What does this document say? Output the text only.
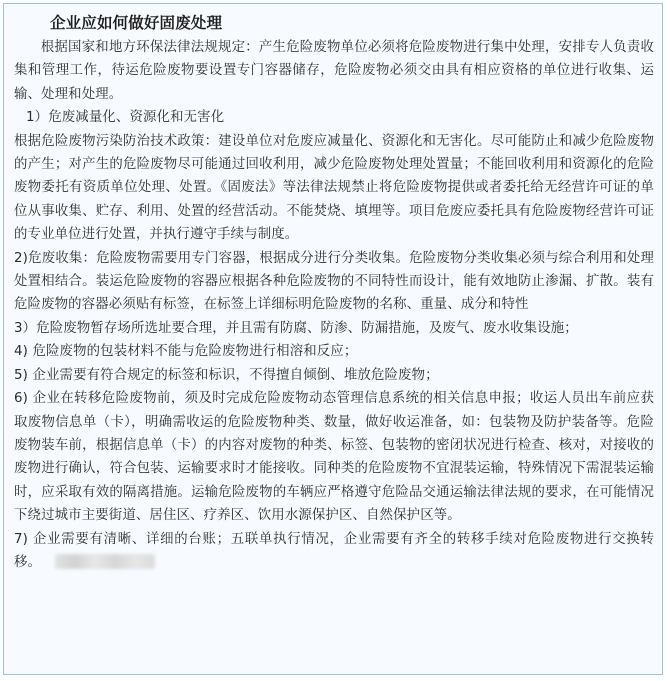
企业应如何做好固废处理

根据国家和地方环保法律法规规定：产生危险废物单位必须将危险废物进行集中处理，安排专人负责收集和管理工作，待运危险废物要设置专门容器储存，危险废物必须交由具有相应资格的单位进行收集、运输、处理和处理。

1）危废减量化、资源化和无害化

根据危险废物污染防治技术政策：建设单位对危废应减量化、资源化和无害化。尽可能防止和减少危险废物的产生；对产生的危险废物尽可能通过回收利用，减少危险废物处理处置量；不能回收利用和资源化的危险废物委托有资质单位处理、处置。《固废法》等法律法规禁止将危险废物提供或者委托给无经营许可证的单位从事收集、贮存、利用、处置的经营活动。不能焚烧、填埋等。项目危废应委托具有危险废物经营许可证的专业单位进行处置，并执行遵守手续与制度。

2)危废收集：危险废物需要用专门容器，根据成分进行分类收集。危险废物分类收集必须与综合利用和处理处置相结合。装运危险废物的容器应根据各种危险废物的不同特性而设计，能有效地防止渗漏、扩散。装有危险废物的容器必须贴有标签，在标签上详细标明危险废物的名称、重量、成分和特性

3）危险废物暂存场所选址要合理，并且需有防腐、防渗、防漏措施，及废气、废水收集设施；

4) 危险废物的包装材料不能与危险废物进行相溶和反应；

5) 企业需要有符合规定的标签和标识，不得擅自倾倒、堆放危险废物；

6) 企业在转移危险废物前，须及时完成危险废物动态管理信息系统的相关信息申报；收运人员出车前应获取废物信息单（卡），明确需收运的危险废物种类、数量，做好收运准备，如：包装物及防护装备等。危险废物装车前，根据信息单（卡）的内容对废物的种类、标签、包装物的密闭状况进行检查、核对，对接收的废物进行确认，符合包装、运输要求时才能接收。同种类的危险废物不宜混装运输，特殊情况下需混装运输时，应采取有效的隔离措施。运输危险废物的车辆应严格遵守危险品交通运输法律法规的要求，在可能情况下绕过城市主要街道、居住区、疗养区、饮用水源保护区、自然保护区等。

7) 企业需要有清晰、详细的台账；五联单执行情况，企业需要有齐全的转移手续对危险废物进行交换转移。
